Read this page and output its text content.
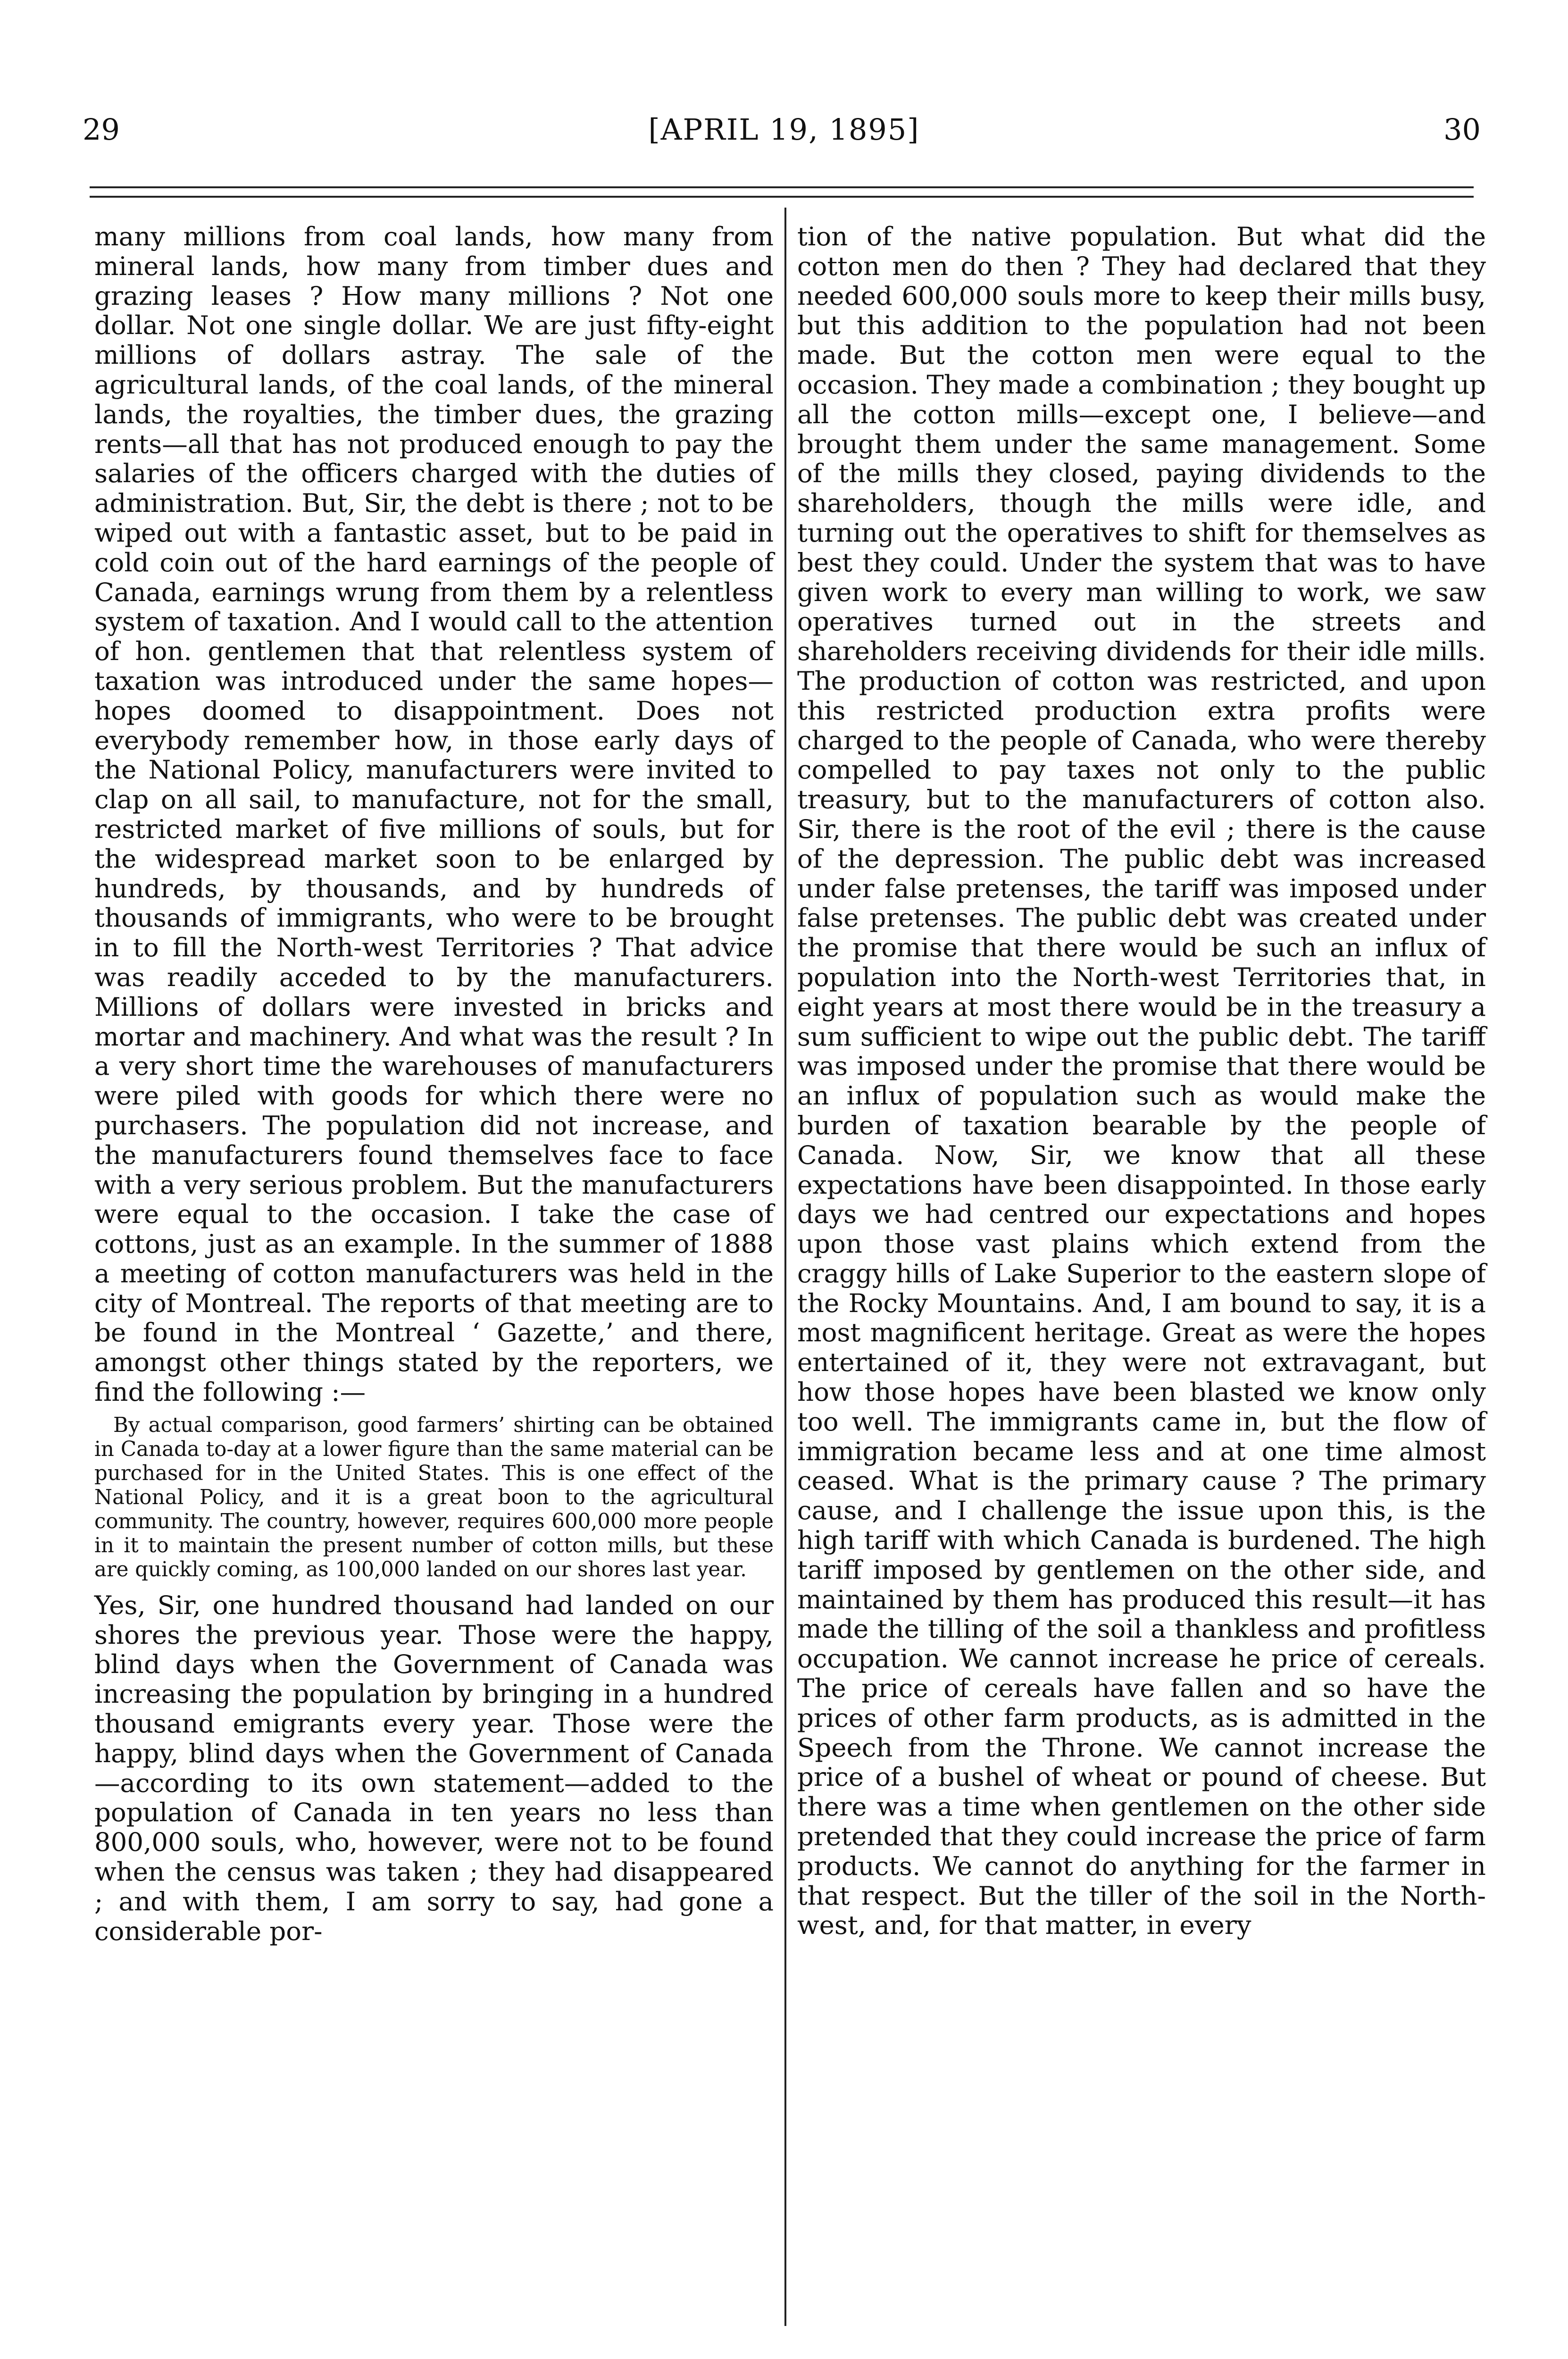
29	[APRIL 19, 1895]	30

many millions from coal lands, how many from mineral lands, how many from timber dues and grazing leases ? How many millions ? Not one dollar. Not one single dollar. We are just fifty-eight millions of dollars astray. The sale of the agricultural lands, of the coal lands, of the mineral lands, the royalties, the timber dues, the grazing rents—all that has not produced enough to pay the salaries of the officers charged with the duties of administration. But, Sir, the debt is there ; not to be wiped out with a fantastic asset, but to be paid in cold coin out of the hard earnings of the people of Canada, earnings wrung from them by a relentless system of taxation. And I would call to the attention of hon. gentlemen that that relentless system of taxation was introduced under the same hopes—hopes doomed to disappointment. Does not everybody remember how, in those early days of the National Policy, manufacturers were invited to clap on all sail, to manufacture, not for the small, restricted market of five millions of souls, but for the widespread market soon to be enlarged by hundreds, by thousands, and by hundreds of thousands of immigrants, who were to be brought in to fill the North-west Territories ? That advice was readily acceded to by the manufacturers. Millions of dollars were invested in bricks and mortar and machinery. And what was the result ? In a very short time the warehouses of manufacturers were piled with goods for which there were no purchasers. The population did not increase, and the manufacturers found themselves face to face with a very serious problem. But the manufacturers were equal to the occasion. I take the case of cottons, just as an example. In the summer of 1888 a meeting of cotton manufacturers was held in the city of Montreal. The reports of that meeting are to be found in the Montreal ‘ Gazette,’ and there, amongst other things stated by the reporters, we find the following :—

By actual comparison, good farmers’ shirting can be obtained in Canada to-day at a lower figure than the same material can be purchased for in the United States. This is one effect of the National Policy, and it is a great boon to the agricultural community. The country, however, requires 600,000 more people in it to maintain the present number of cotton mills, but these are quickly coming, as 100,000 landed on our shores last year.

Yes, Sir, one hundred thousand had landed on our shores the previous year. Those were the happy, blind days when the Government of Canada was increasing the population by bringing in a hundred thousand emigrants every year. Those were the happy, blind days when the Government of Canada —according to its own statement—added to the population of Canada in ten years no less than 800,000 souls, who, however, were not to be found when the census was taken ; they had disappeared ; and with them, I am sorry to say, had gone a considerable por-

tion of the native population. But what did the cotton men do then ? They had declared that they needed 600,000 souls more to keep their mills busy, but this addition to the population had not been made. But the cotton men were equal to the occasion. They made a combination ; they bought up all the cotton mills—except one, I believe—and brought them under the same management. Some of the mills they closed, paying dividends to the shareholders, though the mills were idle, and turning out the operatives to shift for themselves as best they could. Under the system that was to have given work to every man willing to work, we saw operatives turned out in the streets and shareholders receiving dividends for their idle mills. The production of cotton was restricted, and upon this restricted production extra profits were charged to the people of Canada, who were thereby compelled to pay taxes not only to the public treasury, but to the manufacturers of cotton also. Sir, there is the root of the evil ; there is the cause of the depression. The public debt was increased under false pretenses, the tariff was imposed under false pretenses. The public debt was created under the promise that there would be such an influx of population into the North-west Territories that, in eight years at most there would be in the treasury a sum sufficient to wipe out the public debt. The tariff was imposed under the promise that there would be an influx of population such as would make the burden of taxation bearable by the people of Canada. Now, Sir, we know that all these expectations have been disappointed. In those early days we had centred our expectations and hopes upon those vast plains which extend from the craggy hills of Lake Superior to the eastern slope of the Rocky Mountains. And, I am bound to say, it is a most magnificent heritage. Great as were the hopes entertained of it, they were not extravagant, but how those hopes have been blasted we know only too well. The immigrants came in, but the flow of immigration became less and at one time almost ceased. What is the primary cause ? The primary cause, and I challenge the issue upon this, is the high tariff with which Canada is burdened. The high tariff imposed by gentlemen on the other side, and maintained by them has produced this result—it has made the tilling of the soil a thankless and profitless occupation. We cannot increase he price of cereals. The price of cereals have fallen and so have the prices of other farm products, as is admitted in the Speech from the Throne. We cannot increase the price of a bushel of wheat or pound of cheese. But there was a time when gentlemen on the other side pretended that they could increase the price of farm products. We cannot do anything for the farmer in that respect. But the tiller of the soil in the North-west, and, for that matter, in every
